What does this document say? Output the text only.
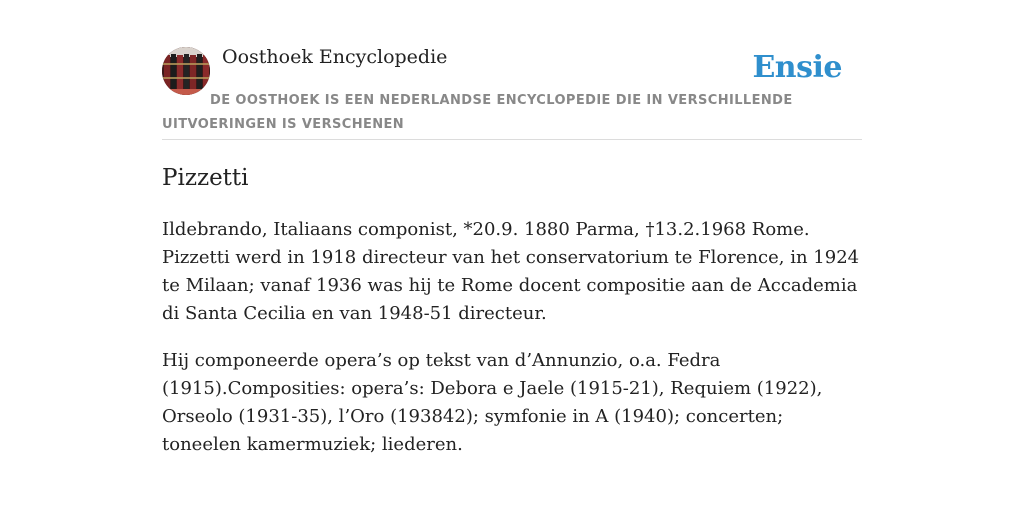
Oosthoek Encyclopedie	Ensie
DE OOSTHOEK IS EEN NEDERLANDSE ENCYCLOPEDIE DIE IN VERSCHILLENDE UITVOERINGEN IS VERSCHENEN
Pizzetti

Ildebrando, Italiaans componist, *20.9. 1880 Parma, †13.2.1968 Rome. Pizzetti werd in 1918 directeur van het conservatorium te Florence, in 1924 te Milaan; vanaf 1936 was hij te Rome docent compositie aan de Accademia di Santa Cecilia en van 1948-51 directeur.

Hij componeerde opera’s op tekst van d’Annunzio, o.a. Fedra (1915).Composities: opera’s: Debora e Jaele (1915-21), Requiem (1922), Orseolo (1931-35), l’Oro (193842); symfonie in A (1940); concerten; toneelen kamermuziek; liederen.
